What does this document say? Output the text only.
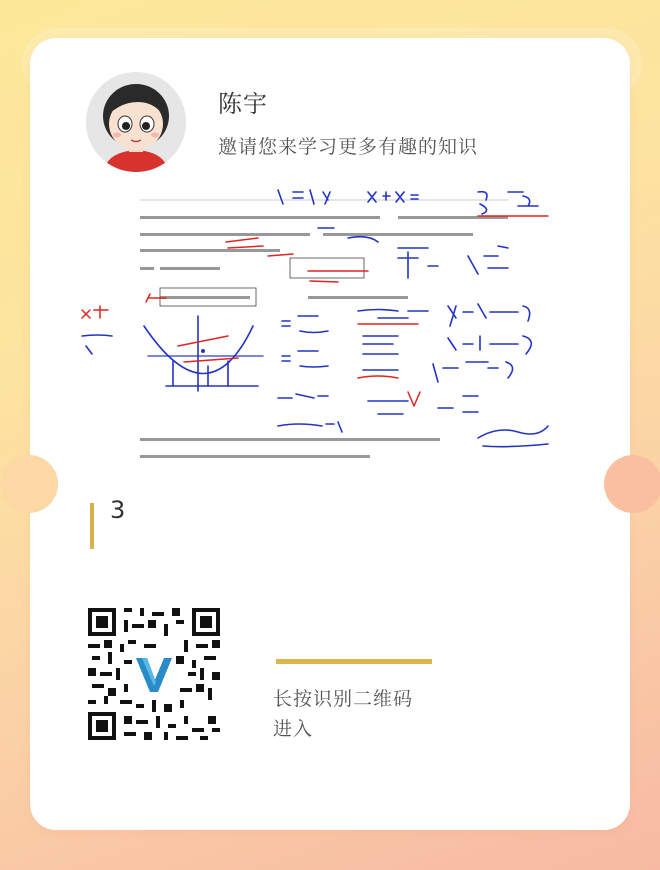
陈宇
邀请您来学习更多有趣的知识
3
长按识别二维码
进入
